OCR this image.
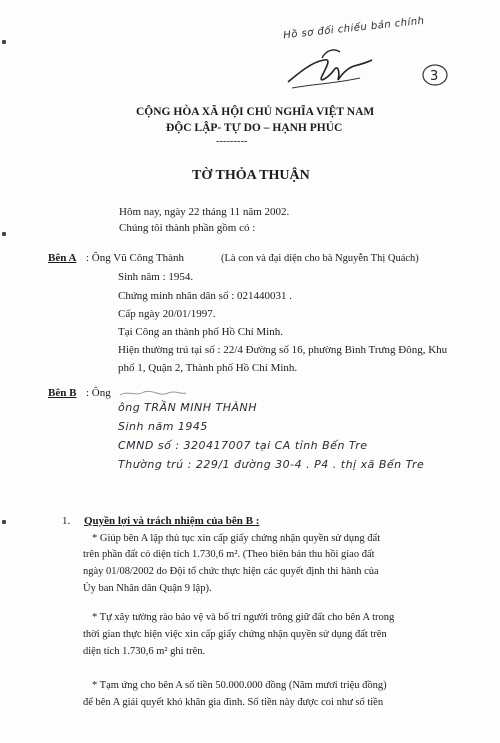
Hồ sơ đối chiếu bản chính
3
CỘNG HÒA XÃ HỘI CHỦ NGHĨA VIỆT NAM
ĐỘC LẬP- TỰ DO – HẠNH PHÚC
---------
TỜ THỎA THUẬN
Hôm nay, ngày 22 tháng 11 năm 2002.
Chúng tôi thành phần gồm có :
Bên A : Ông Vũ Công Thành	(Là con và đại diện cho bà Nguyễn Thị Quách)
Sinh năm : 1954.
Chứng minh nhân dân số : 021440031 .
Cấp ngày 20/01/1997.
Tại Công an thành phố Hồ Chí Minh.
Hiện thường trú tại số : 22/4 Đường số 16, phường Bình Trưng Đông, Khu
phố 1, Quận 2, Thành phố Hồ Chí Minh.
Bên B : Ông
ông TRẦN MINH THÀNH
Sinh năm 1945
CMND số : 320417007 tại CA tỉnh Bến Tre
Thường trú : 229/1 đường 30-4 . P4 . thị xã Bến Tre
1. Quyền lợi và trách nhiệm của bên B :
* Giúp bên A lập thủ tục xin cấp giấy chứng nhận quyền sử dụng đất
trên phần đất có diện tích 1.730,6 m². (Theo biên bản thu hồi giao đất
ngày 01/08/2002 do Đội tổ chức thực hiện các quyết định thi hành của
Ủy ban Nhân dân Quận 9 lập).
* Tự xây tường rào bảo vệ và bố trí người trông giữ đất cho bên A trong
thời gian thực hiện việc xin cấp giấy chứng nhận quyền sử dụng đất trên
diện tích 1.730,6 m² ghi trên.
* Tạm ứng cho bên A số tiền 50.000.000 đồng (Năm mươi triệu đồng)
để bên A giải quyết khó khăn gia đình. Số tiền này được coi như số tiền
